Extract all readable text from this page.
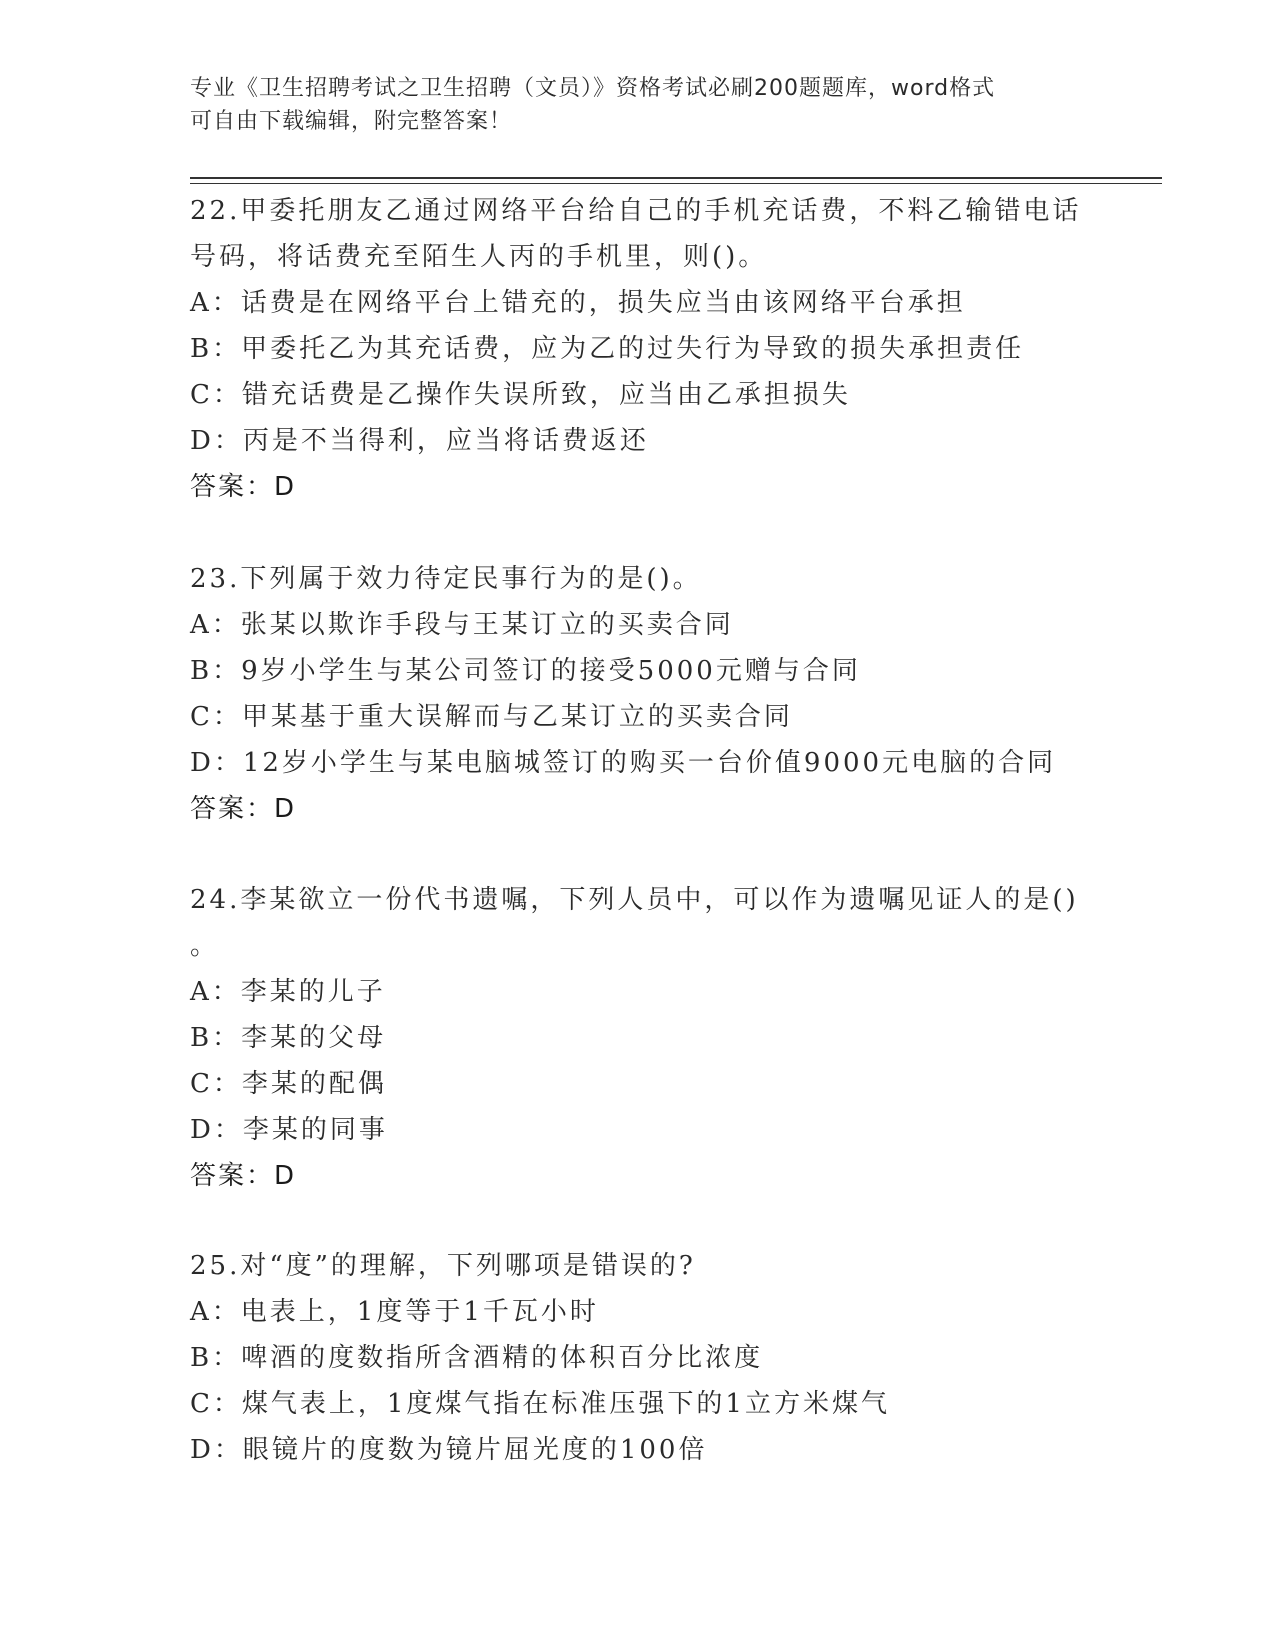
专业《卫生招聘考试之卫生招聘（文员）》资格考试必刷200题题库，word格式
可自由下载编辑，附完整答案！
22.甲委托朋友乙通过网络平台给自己的手机充话费，不料乙输错电话
号码，将话费充至陌生人丙的手机里，则()。
A：话费是在网络平台上错充的，损失应当由该网络平台承担
B：甲委托乙为其充话费，应为乙的过失行为导致的损失承担责任
C：错充话费是乙操作失误所致，应当由乙承担损失
D：丙是不当得利，应当将话费返还
答案：D
23.下列属于效力待定民事行为的是()。
A：张某以欺诈手段与王某订立的买卖合同
B：9岁小学生与某公司签订的接受5000元赠与合同
C：甲某基于重大误解而与乙某订立的买卖合同
D：12岁小学生与某电脑城签订的购买一台价值9000元电脑的合同
答案：D
24.李某欲立一份代书遗嘱，下列人员中，可以作为遗嘱见证人的是()
。
A：李某的儿子
B：李某的父母
C：李某的配偶
D：李某的同事
答案：D
25.对“度”的理解，下列哪项是错误的?
A：电表上，1度等于1千瓦小时
B：啤酒的度数指所含酒精的体积百分比浓度
C：煤气表上，1度煤气指在标准压强下的1立方米煤气
D：眼镜片的度数为镜片屈光度的100倍
